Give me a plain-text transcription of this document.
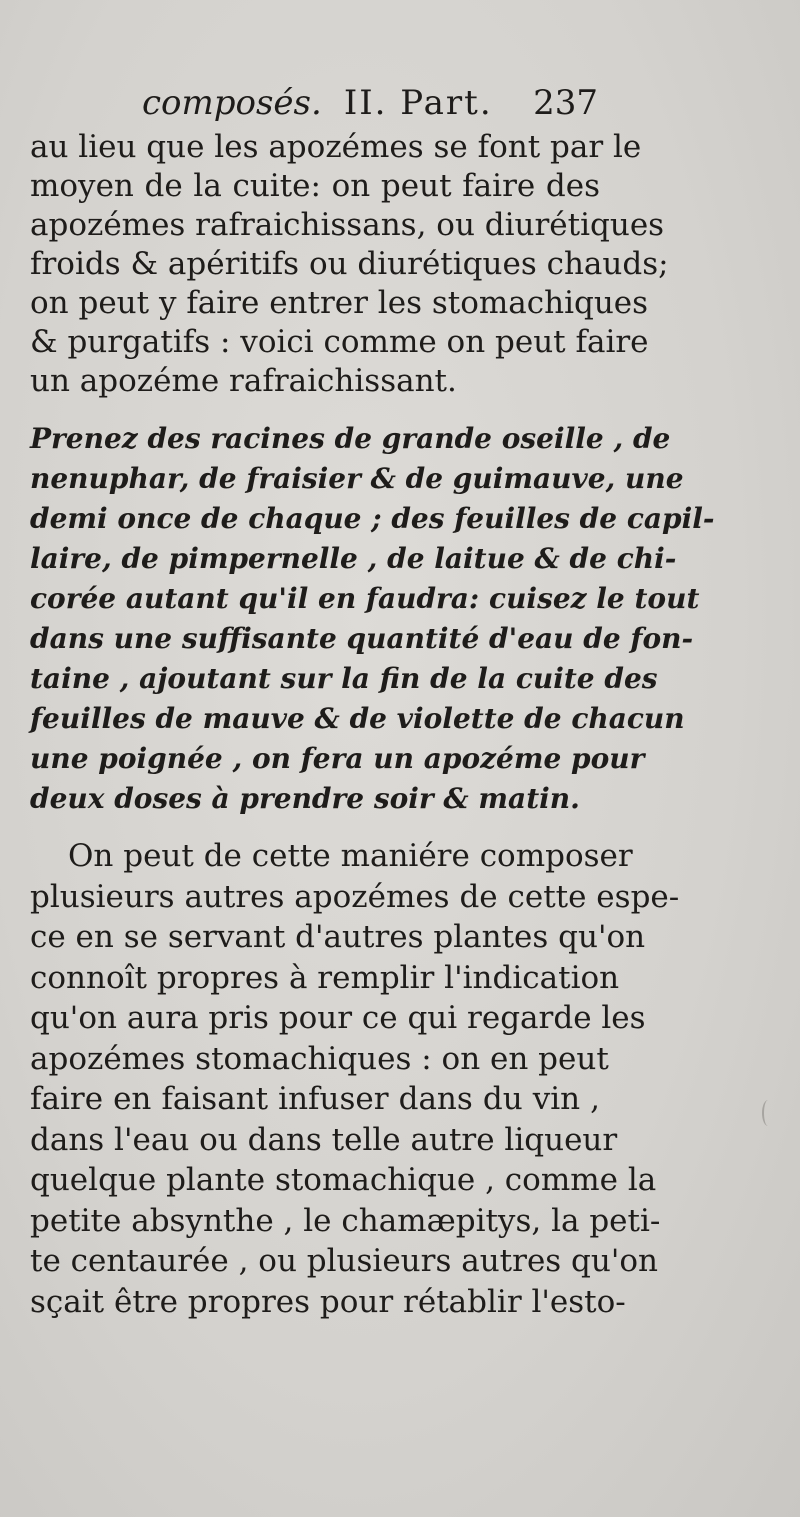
composés. II. Part. 237
au lieu que les apozémes se font par le
moyen de la cuite: on peut faire des
apozémes rafraichissans, ou diurétiques
froids & apéritifs ou diurétiques chauds;
on peut y faire entrer les stomachiques
& purgatifs : voici comme on peut faire
un apozéme rafraichissant.
Prenez des racines de grande oseille , de
nenuphar, de fraisier & de guimauve, une
demi once de chaque ; des feuilles de capil-
laire, de pimpernelle , de laitue & de chi-
corée autant qu'il en faudra: cuisez le tout
dans une suffisante quantité d'eau de fon-
taine , ajoutant sur la fin de la cuite des
feuilles de mauve & de violette de chacun
une poignée , on fera un apozéme pour
deux doses à prendre soir & matin.
On peut de cette maniére composer
plusieurs autres apozémes de cette espe-
ce en se servant d'autres plantes qu'on
connoît propres à remplir l'indication
qu'on aura pris pour ce qui regarde les
apozémes stomachiques : on en peut
faire en faisant infuser dans du vin ,
dans l'eau ou dans telle autre liqueur
quelque plante stomachique , comme la
petite absynthe , le chamæpitys, la peti-
te centaurée , ou plusieurs autres qu'on
sçait être propres pour rétablir l'esto-
